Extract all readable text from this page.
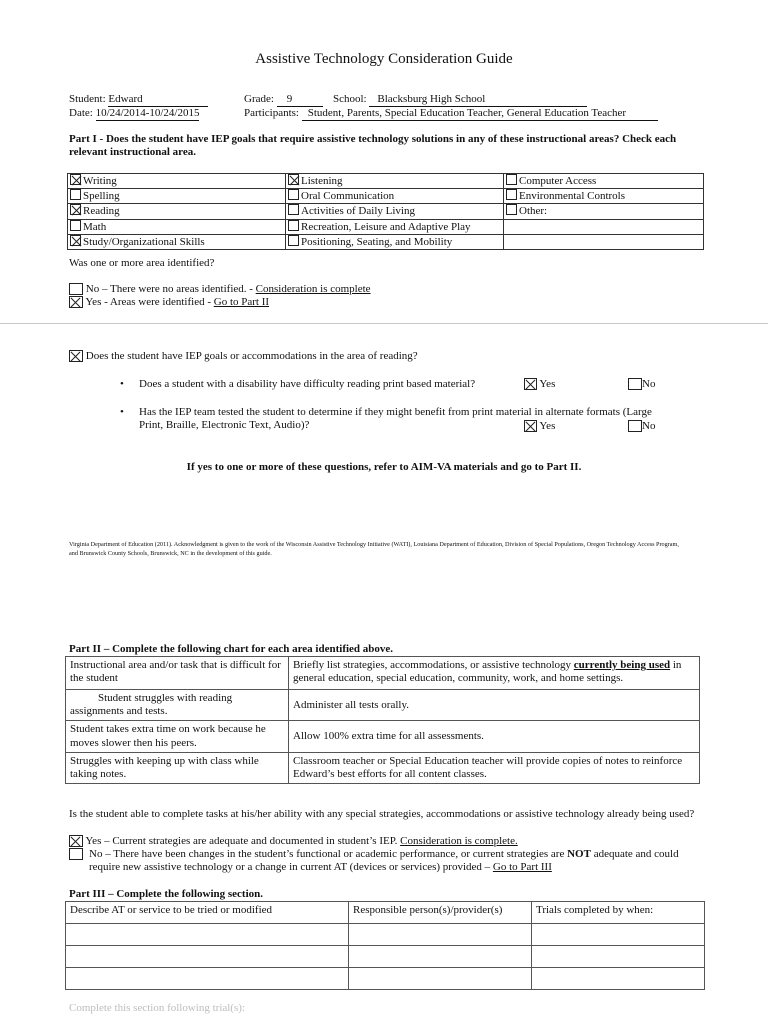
Assistive Technology Consideration Guide
Student: Edward	Grade: 9	School: Blacksburg High School
Date: 10/24/2014-10/24/2015	Participants: Student, Parents, Special Education Teacher, General Education Teacher
Part I - Does the student have IEP goals that require assistive technology solutions in any of these instructional areas? Check each relevant instructional area.
Writing	Listening	Computer Access
Spelling	Oral Communication	Environmental Controls
Reading	Activities of Daily Living	Other:
Math	Recreation, Leisure and Adaptive Play	
Study/Organizational Skills	Positioning, Seating, and Mobility	
Was one or more area identified?
No – There were no areas identified. - Consideration is complete
Yes - Areas were identified - Go to Part II
Does the student have IEP goals or accommodations in the area of reading?
• Does a student with a disability have difficulty reading print based material?	Yes	No
• Has the IEP team tested the student to determine if they might benefit from print material in alternate formats (Large Print, Braille, Electronic Text, Audio)?	Yes	No
If yes to one or more of these questions, refer to AIM-VA materials and go to Part II.
Virginia Department of Education (2011). Acknowledgment is given to the work of the Wisconsin Assistive Technology Initiative (WATI), Louisiana Department of Education, Division of Special Populations, Oregon Technology Access Program, and Brunswick County Schools, Brunswick, NC in the development of this guide.
Part II – Complete the following chart for each area identified above.
Instructional area and/or task that is difficult for the student	Briefly list strategies, accommodations, or assistive technology currently being used in general education, special education, community, work, and home settings.
Student struggles with reading assignments and tests.	Administer all tests orally.
Student takes extra time on work because he moves slower then his peers.	Allow 100% extra time for all assessments.
Struggles with keeping up with class while taking notes.	Classroom teacher or Special Education teacher will provide copies of notes to reinforce Edward’s best efforts for all content classes.
Is the student able to complete tasks at his/her ability with any special strategies, accommodations or assistive technology already being used?
Yes – Current strategies are adequate and documented in student’s IEP. Consideration is complete.
No – There have been changes in the student’s functional or academic performance, or current strategies are NOT adequate and could require new assistive technology or a change in current AT (devices or services) provided – Go to Part III
Part III – Complete the following section.
Describe AT or service to be tried or modified	Responsible person(s)/provider(s)	Trials completed by when:

Complete this section following trial(s):
